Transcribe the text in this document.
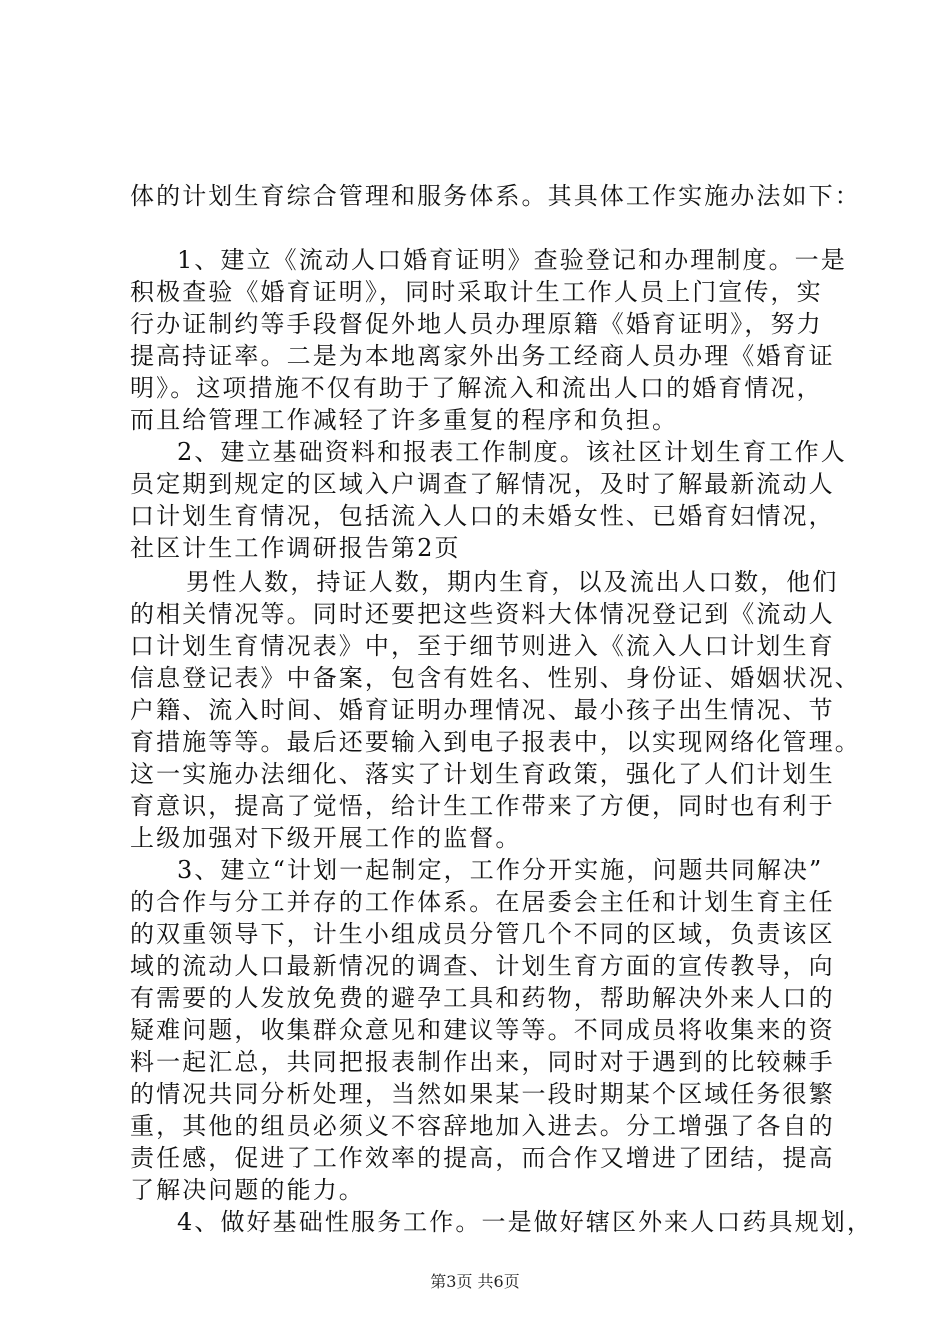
体的计划生育综合管理和服务体系。其具体工作实施办法如下：
1、建立《流动人口婚育证明》查验登记和办理制度。一是
积极查验《婚育证明》，同时采取计生工作人员上门宣传，实
行办证制约等手段督促外地人员办理原籍《婚育证明》，努力
提高持证率。二是为本地离家外出务工经商人员办理《婚育证
明》。这项措施不仅有助于了解流入和流出人口的婚育情况，
而且给管理工作减轻了许多重复的程序和负担。
2、建立基础资料和报表工作制度。该社区计划生育工作人
员定期到规定的区域入户调查了解情况，及时了解最新流动人
口计划生育情况，包括流入人口的未婚女性、已婚育妇情况，
社区计生工作调研报告第2页
男性人数，持证人数，期内生育，以及流出人口数，他们
的相关情况等。同时还要把这些资料大体情况登记到《流动人
口计划生育情况表》中，至于细节则进入《流入人口计划生育
信息登记表》中备案，包含有姓名、性别、身份证、婚姻状况、
户籍、流入时间、婚育证明办理情况、最小孩子出生情况、节
育措施等等。最后还要输入到电子报表中，以实现网络化管理。
这一实施办法细化、落实了计划生育政策，强化了人们计划生
育意识，提高了觉悟，给计生工作带来了方便，同时也有利于
上级加强对下级开展工作的监督。
3、建立“计划一起制定，工作分开实施，问题共同解决”
的合作与分工并存的工作体系。在居委会主任和计划生育主任
的双重领导下，计生小组成员分管几个不同的区域，负责该区
域的流动人口最新情况的调查、计划生育方面的宣传教导，向
有需要的人发放免费的避孕工具和药物，帮助解决外来人口的
疑难问题，收集群众意见和建议等等。不同成员将收集来的资
料一起汇总，共同把报表制作出来，同时对于遇到的比较棘手
的情况共同分析处理，当然如果某一段时期某个区域任务很繁
重，其他的组员必须义不容辞地加入进去。分工增强了各自的
责任感，促进了工作效率的提高，而合作又增进了团结，提高
了解决问题的能力。
4、做好基础性服务工作。一是做好辖区外来人口药具规划，
第3页 共6页
